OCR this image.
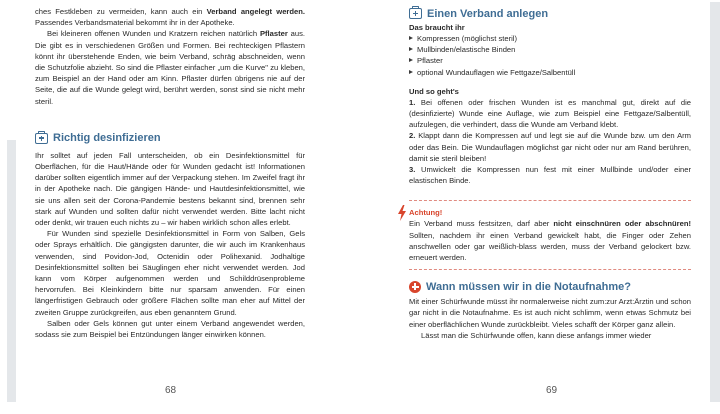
ches Festkleben zu vermeiden, kann auch ein Verband angelegt werden. Passendes Verbandsmaterial bekommt ihr in der Apotheke.

Bei kleineren offenen Wunden und Kratzern reichen natürlich Pflaster aus. Die gibt es in verschiedenen Größen und Formen. Bei rechteckigen Pflastern könnt ihr überstehende Enden, wie beim Verband, schräg abschneiden, wenn die Schutzfolie abzieht. So sind die Pflaster einfacher „um die Kurve" zu kleben, zum Beispiel an der Hand oder am Kinn. Pflaster dürfen übrigens nie auf der Seite, die auf die Wunde gelegt wird, berührt werden, sonst sind sie nicht mehr steril.

Richtig desinfizieren

Ihr solltet auf jeden Fall unterscheiden, ob ein Desinfektionsmittel für Oberflächen, für die Haut/Hände oder für Wunden gedacht ist! Informationen darüber sollten eigentlich immer auf der Verpackung stehen. Im Zweifel fragt ihr in der Apotheke nach. Die gängigen Hände- und Hautdesinfektionsmittel, wie sie uns allen seit der Corona-Pandemie bestens bekannt sind, brennen sehr stark auf Wunden und sollten dafür nicht verwendet werden. Bitte lacht nicht oder denkt, wir trauen euch nichts zu – wir haben wirklich schon alles erlebt.

Für Wunden sind spezielle Desinfektionsmittel in Form von Salben, Gels oder Sprays erhältlich. Die gängigsten darunter, die wir auch im Krankenhaus verwenden, sind Povidon-Jod, Octenidin oder Polihexanid. Jodhaltige Desinfektionsmittel sollten bei Säuglingen eher nicht verwendet werden. Jod kann vom Körper aufgenommen werden und Schilddrüsenprobleme hervorrufen. Bei Kleinkindern bitte nur sparsam anwenden. Für einen längerfristigen Gebrauch oder größere Flächen sollte man eher auf Mittel der zweiten Gruppe zurückgreifen, aus eben genanntem Grund.

Salben oder Gels können gut unter einem Verband angewendet werden, sodass sie zum Beispiel bei Entzündungen länger einwirken können.

68
Einen Verband anlegen
Das braucht ihr
Kompressen (möglichst steril)
Mullbinden/elastische Binden
Pflaster
optional Wundauflagen wie Fettgaze/Salbentüll
Und so geht's

1. Bei offenen oder frischen Wunden ist es manchmal gut, direkt auf die (desinfizierte) Wunde eine Auflage, wie zum Beispiel eine Fettgaze/Salbentüll, aufzulegen, die verhindert, dass die Wunde am Verband klebt.

2. Klappt dann die Kompressen auf und legt sie auf die Wunde bzw. um den Arm oder das Bein. Die Wundauflagen möglichst gar nicht oder nur am Rand berühren, damit sie steril bleiben!

3. Umwickelt die Kompressen nun fest mit einer Mullbinde und/oder einer elastischen Binde.

Achtung!

Ein Verband muss festsitzen, darf aber nicht einschnüren oder abschnüren! Sollten, nachdem ihr einen Verband gewickelt habt, die Finger oder Zehen anschwellen oder gar weißlich-blass werden, muss der Verband gelockert bzw. erneuert werden.

Wann müssen wir in die Notaufnahme?

Mit einer Schürfwunde müsst ihr normalerweise nicht zum:zur Arzt:Ärztin und schon gar nicht in die Notaufnahme. Es ist auch nicht schlimm, wenn etwas Schmutz bei einer oberflächlichen Wunde zurückbleibt. Vieles schafft der Körper ganz allein.

Lässt man die Schürfwunde offen, kann diese anfangs immer wieder

69
